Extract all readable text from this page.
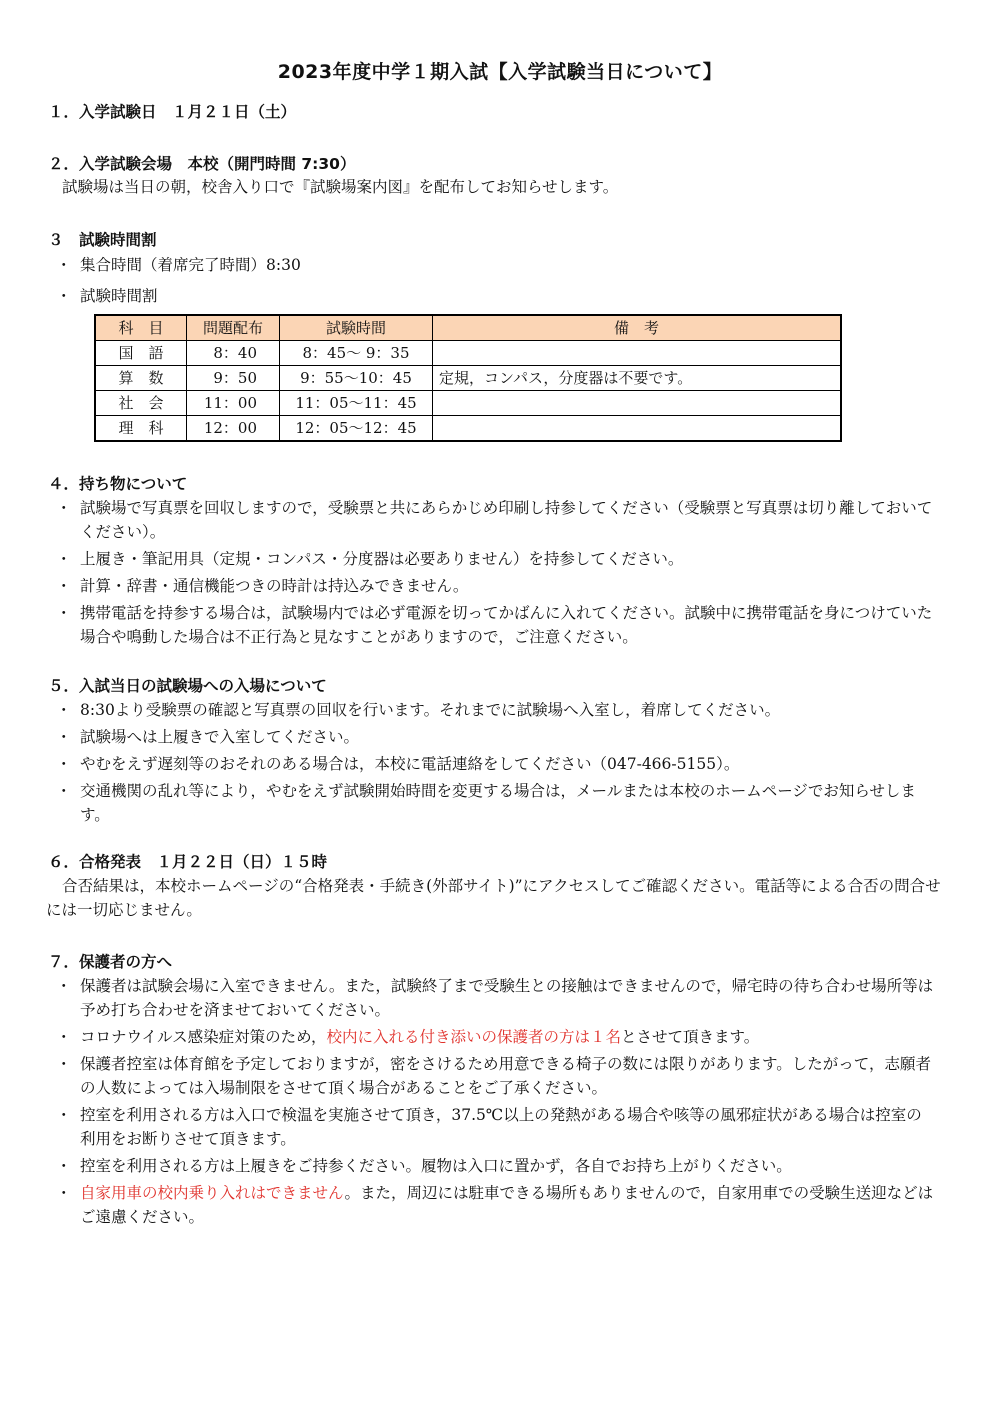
2023年度中学１期入試【入学試験当日について】
１．入学試験日　１月２１日（土）
２．入学試験会場　本校（開門時間 7:30）
試験場は当日の朝，校舎入り口で『試験場案内図』を配布してお知らせします。
３　試験時間割
・ 集合時間（着席完了時間）8:30
・ 試験時間割
科　目	問題配布	試験時間	備　考
国　語	8：40	8：45～ 9：35	
算　数	9：50	9：55～10：45	定規，コンパス，分度器は不要です。
社　会	11：00	11：05～11：45	
理　科	12：00	12：05～12：45	
４．持ち物について
・ 試験場で写真票を回収しますので，受験票と共にあらかじめ印刷し持参してください（受験票と写真票は切り離しておいてください）。
・ 上履き・筆記用具（定規・コンパス・分度器は必要ありません）を持参してください。
・ 計算・辞書・通信機能つきの時計は持込みできません。
・ 携帯電話を持参する場合は，試験場内では必ず電源を切ってかばんに入れてください。試験中に携帯電話を身につけていた場合や鳴動した場合は不正行為と見なすことがありますので，ご注意ください。
５．入試当日の試験場への入場について
・ 8:30より受験票の確認と写真票の回収を行います。それまでに試験場へ入室し，着席してください。
・ 試験場へは上履きで入室してください。
・ やむをえず遅刻等のおそれのある場合は，本校に電話連絡をしてください（047-466-5155）。
・ 交通機関の乱れ等により，やむをえず試験開始時間を変更する場合は，メールまたは本校のホームページでお知らせします。
６．合格発表　１月２２日（日）１５時
合否結果は，本校ホームページの“合格発表・手続き(外部サイト)”にアクセスしてご確認ください。電話等による合否の問合せには一切応じません。
７．保護者の方へ
・ 保護者は試験会場に入室できません。また，試験終了まで受験生との接触はできませんので，帰宅時の待ち合わせ場所等は予め打ち合わせを済ませておいてください。
・ コロナウイルス感染症対策のため，校内に入れる付き添いの保護者の方は１名とさせて頂きます。
・ 保護者控室は体育館を予定しておりますが，密をさけるため用意できる椅子の数には限りがあります。したがって，志願者の人数によっては入場制限をさせて頂く場合があることをご了承ください。
・ 控室を利用される方は入口で検温を実施させて頂き，37.5℃以上の発熱がある場合や咳等の風邪症状がある場合は控室の利用をお断りさせて頂きます。
・ 控室を利用される方は上履きをご持参ください。履物は入口に置かず，各自でお持ち上がりください。
・ 自家用車の校内乗り入れはできません。また，周辺には駐車できる場所もありませんので，自家用車での受験生送迎などはご遠慮ください。
